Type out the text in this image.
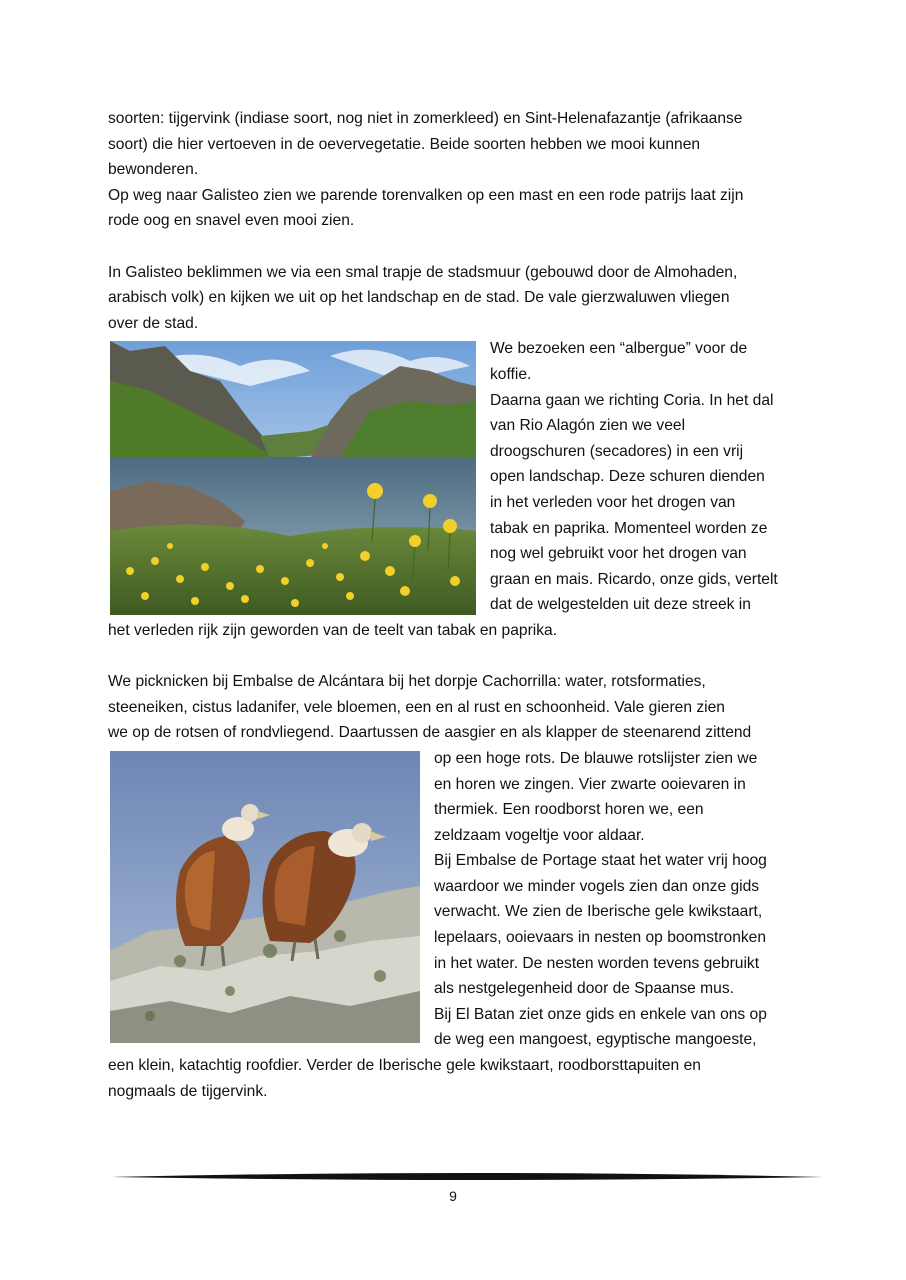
soorten: tijgervink (indiase soort, nog niet in zomerkleed) en Sint-Helenafazantje (afrikaanse
soort) die hier vertoeven in de oevervegetatie. Beide soorten hebben we mooi kunnen
bewonderen.
Op weg naar Galisteo zien we parende torenvalken op een mast en een rode patrijs laat zijn
rode oog en snavel even mooi zien.
In Galisteo beklimmen we via een smal trapje de stadsmuur (gebouwd door de Almohaden,
arabisch volk) en kijken we uit op het landschap en de stad. De vale gierzwaluwen vliegen
over de stad.
We bezoeken een “albergue” voor de
koffie.
Daarna gaan we richting Coria. In het dal
van Rio Alagón zien we veel
droogschuren (secadores) in een vrij
open landschap. Deze schuren dienden
in het verleden voor het drogen van
tabak en paprika. Momenteel worden ze
nog wel gebruikt voor het drogen van
graan en mais. Ricardo, onze gids, vertelt
dat de welgestelden uit deze streek in
het verleden rijk zijn geworden van de teelt van tabak en paprika.
We picknicken bij Embalse de Alcántara bij het dorpje Cachorrilla: water, rotsformaties,
steeneiken, cistus ladanifer, vele bloemen, een en al rust en schoonheid. Vale gieren zien
we op de rotsen of rondvliegend. Daartussen de aasgier en als klapper de steenarend zittend
op een hoge rots. De blauwe rotslijster zien we
en horen we zingen. Vier zwarte ooievaren in
thermiek. Een roodborst horen we, een
zeldzaam vogeltje voor aldaar.
Bij Embalse de Portage staat het water vrij hoog
waardoor we minder vogels zien dan onze gids
verwacht. We zien de Iberische gele kwikstaart,
lepelaars, ooievaars in nesten op boomstronken
in het water. De nesten worden tevens gebruikt
als nestgelegenheid door de Spaanse mus.
Bij El Batan ziet onze gids en enkele van ons op
de weg een mangoest, egyptische mangoeste,
een klein, katachtig roofdier. Verder de Iberische gele kwikstaart, roodborsttapuiten en
nogmaals de tijgervink.
9
